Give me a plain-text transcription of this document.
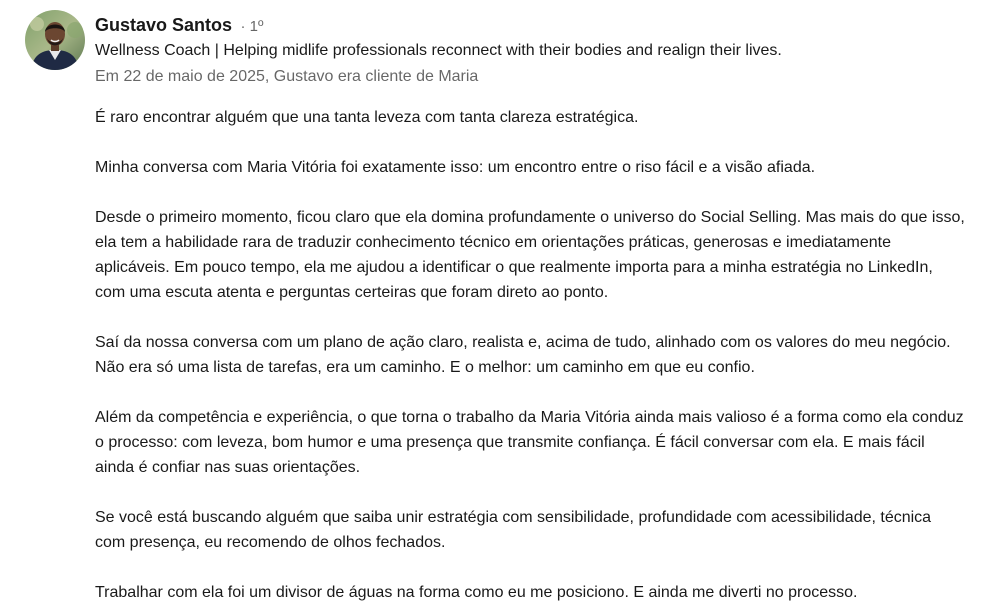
Gustavo Santos · 1º
Wellness Coach | Helping midlife professionals reconnect with their bodies and realign their lives.
Em 22 de maio de 2025, Gustavo era cliente de Maria

É raro encontrar alguém que una tanta leveza com tanta clareza estratégica.

Minha conversa com Maria Vitória foi exatamente isso: um encontro entre o riso fácil e a visão afiada.

Desde o primeiro momento, ficou claro que ela domina profundamente o universo do Social Selling. Mas mais do que isso, ela tem a habilidade rara de traduzir conhecimento técnico em orientações práticas, generosas e imediatamente aplicáveis. Em pouco tempo, ela me ajudou a identificar o que realmente importa para a minha estratégia no LinkedIn, com uma escuta atenta e perguntas certeiras que foram direto ao ponto.

Saí da nossa conversa com um plano de ação claro, realista e, acima de tudo, alinhado com os valores do meu negócio. Não era só uma lista de tarefas, era um caminho. E o melhor: um caminho em que eu confio.

Além da competência e experiência, o que torna o trabalho da Maria Vitória ainda mais valioso é a forma como ela conduz o processo: com leveza, bom humor e uma presença que transmite confiança. É fácil conversar com ela. E mais fácil ainda é confiar nas suas orientações.

Se você está buscando alguém que saiba unir estratégia com sensibilidade, profundidade com acessibilidade, técnica com presença, eu recomendo de olhos fechados.

Trabalhar com ela foi um divisor de águas na forma como eu me posiciono. E ainda me diverti no processo.
